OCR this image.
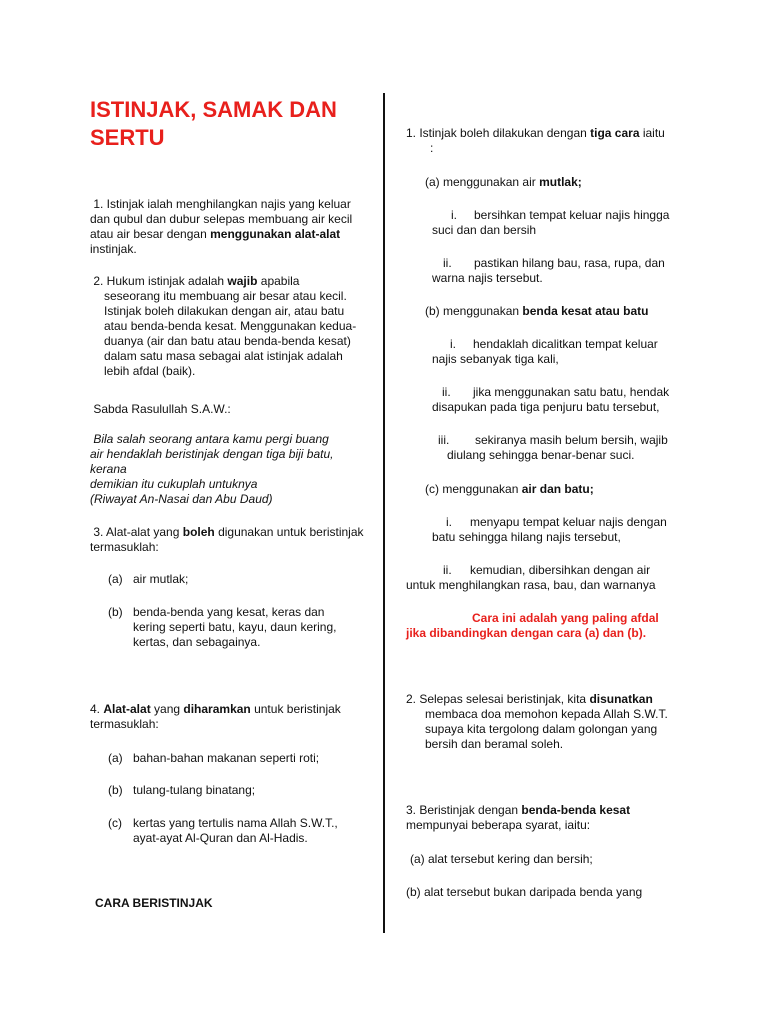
ISTINJAK, SAMAK DAN SERTU
1. Istinjak ialah menghilangkan najis yang keluar dan qubul dan dubur selepas membuang air kecil atau air besar dengan menggunakan alat-alat instinjak.
2. Hukum istinjak adalah wajib apabila
seseorang itu membuang air besar atau kecil. Istinjak boleh dilakukan dengan air, atau batu atau benda-benda kesat. Menggunakan kedua-duanya (air dan batu atau benda-benda kesat) dalam satu masa sebagai alat istinjak adalah lebih afdal (baik).
Sabda Rasulullah S.A.W.:
Bila salah seorang antara kamu pergi buang
air hendaklah beristinjak dengan tiga biji batu, kerana
demikian itu cukuplah untuknya
(Riwayat An-Nasai dan Abu Daud)
3. Alat-alat yang boleh digunakan untuk beristinjak termasuklah:
(a) air mutlak;
(b) benda-benda yang kesat, keras dan kering seperti batu, kayu, daun kering, kertas, dan sebagainya.
4. Alat-alat yang diharamkan untuk beristinjak termasuklah:
(a) bahan-bahan makanan seperti roti;
(b) tulang-tulang binatang;
(c) kertas yang tertulis nama Allah S.W.T., ayat-ayat Al-Quran dan Al-Hadis.
CARA BERISTINJAK
1. Istinjak boleh dilakukan dengan tiga cara iaitu
:
(a) menggunakan air mutlak;
i. bersihkan tempat keluar najis hingga
suci dan dan bersih
ii. pastikan hilang bau, rasa, rupa, dan
warna najis tersebut.
(b) menggunakan benda kesat atau batu
i. hendaklah dicalitkan tempat keluar
najis sebanyak tiga kali,
ii. jika menggunakan satu batu, hendak
disapukan pada tiga penjuru batu tersebut,
iii. sekiranya masih belum bersih, wajib
diulang sehingga benar-benar suci.
(c) menggunakan air dan batu;
i. menyapu tempat keluar najis dengan
batu sehingga hilang najis tersebut,
ii. kemudian, dibersihkan dengan air
untuk menghilangkan rasa, bau, dan warnanya
Cara ini adalah yang paling afdal
jika dibandingkan dengan cara (a) dan (b).
2. Selepas selesai beristinjak, kita disunatkan
membaca doa memohon kepada Allah S.W.T. supaya kita tergolong dalam golongan yang bersih dan beramal soleh.
3. Beristinjak dengan benda-benda kesat
mempunyai beberapa syarat, iaitu:
(a) alat tersebut kering dan bersih;
(b) alat tersebut bukan daripada benda yang
